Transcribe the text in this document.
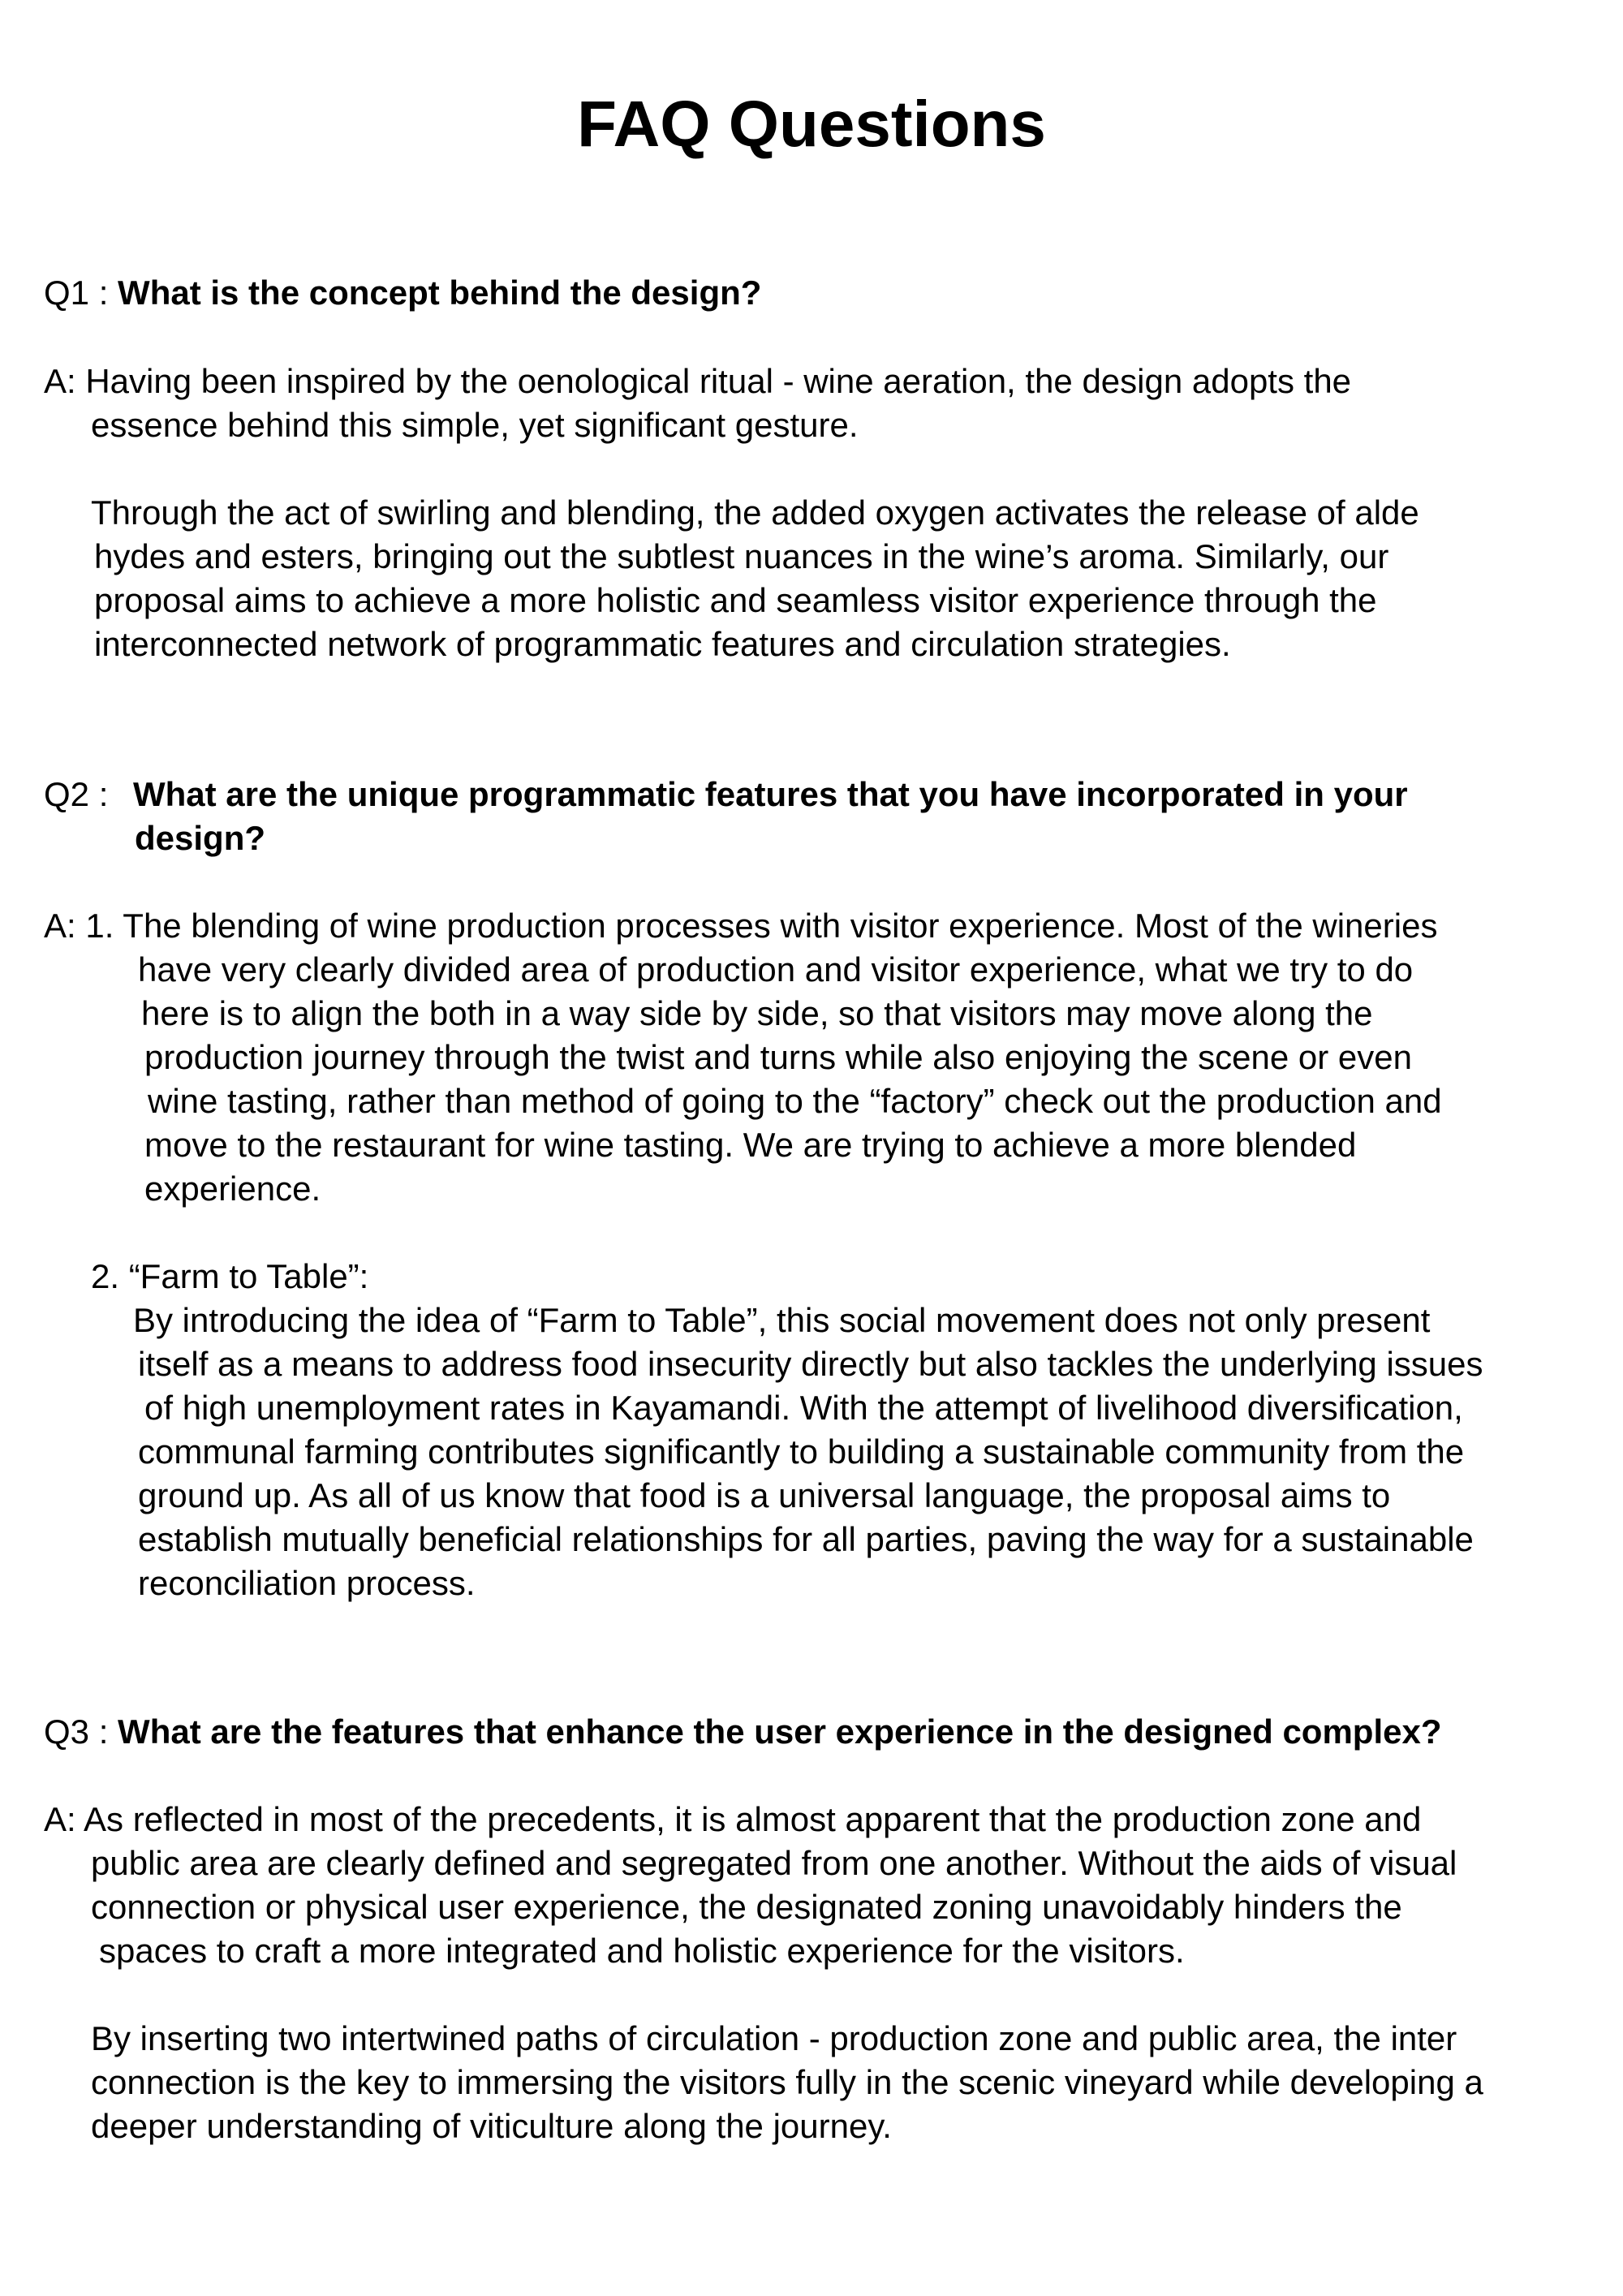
FAQ Questions
Q1 : What is the concept behind the design?
A: Having been inspired by the oenological ritual - wine aeration, the design adopts the
essence behind this simple, yet significant gesture.
Through the act of swirling and blending, the added oxygen activates the release of alde
hydes and esters, bringing out the subtlest nuances in the wine’s aroma. Similarly, our
proposal aims to achieve a more holistic and seamless visitor experience through the
interconnected network of programmatic features and circulation strategies.
Q2 : What are the unique programmatic features that you have incorporated in your
design?
A: 1. The blending of wine production processes with visitor experience. Most of the wineries
have very clearly divided area of production and visitor experience, what we try to do
here is to align the both in a way side by side, so that visitors may move along the
production journey through the twist and turns while also enjoying the scene or even
wine tasting, rather than method of going to the “factory” check out the production and
move to the restaurant for wine tasting. We are trying to achieve a more blended
experience.
2. “Farm to Table”:
By introducing the idea of “Farm to Table”, this social movement does not only present
itself as a means to address food insecurity directly but also tackles the underlying issues
of high unemployment rates in Kayamandi. With the attempt of livelihood diversification,
communal farming contributes significantly to building a sustainable community from the
ground up. As all of us know that food is a universal language, the proposal aims to
establish mutually beneficial relationships for all parties, paving the way for a sustainable
reconciliation process.
Q3 : What are the features that enhance the user experience in the designed complex?
A: As reflected in most of the precedents, it is almost apparent that the production zone and
public area are clearly defined and segregated from one another. Without the aids of visual
connection or physical user experience, the designated zoning unavoidably hinders the
spaces to craft a more integrated and holistic experience for the visitors.
By inserting two intertwined paths of circulation - production zone and public area, the inter
connection is the key to immersing the visitors fully in the scenic vineyard while developing a
deeper understanding of viticulture along the journey.
